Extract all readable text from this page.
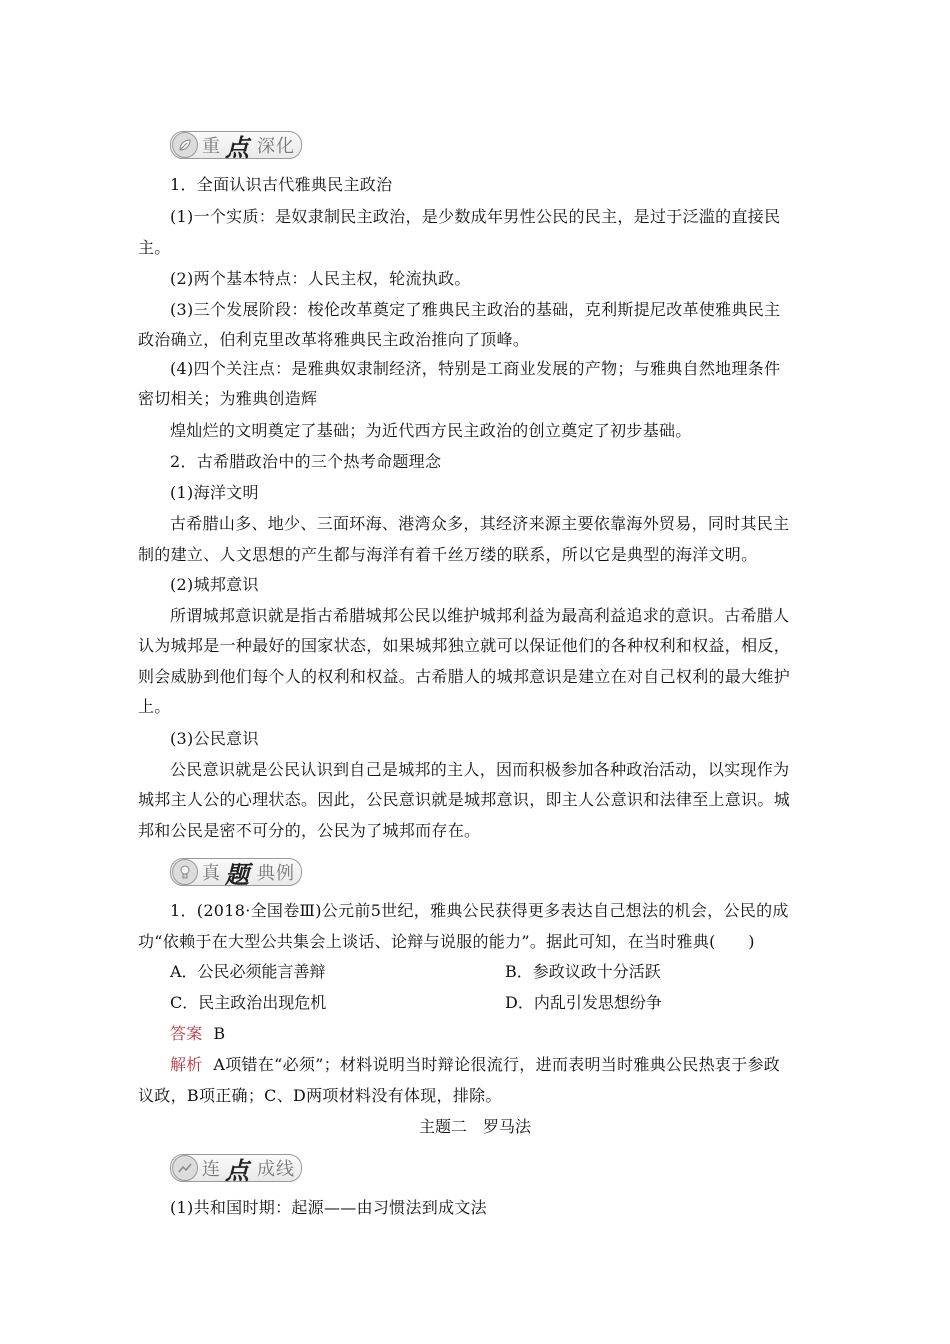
重 点 深化
1．全面认识古代雅典民主政治
(1)一个实质：是奴隶制民主政治，是少数成年男性公民的民主，是过于泛滥的直接民
主。
(2)两个基本特点：人民主权，轮流执政。
(3)三个发展阶段：梭伦改革奠定了雅典民主政治的基础，克利斯提尼改革使雅典民主
政治确立，伯利克里改革将雅典民主政治推向了顶峰。
(4)四个关注点：是雅典奴隶制经济，特别是工商业发展的产物；与雅典自然地理条件
密切相关；为雅典创造辉
煌灿烂的文明奠定了基础；为近代西方民主政治的创立奠定了初步基础。
2．古希腊政治中的三个热考命题理念
(1)海洋文明
古希腊山多、地少、三面环海、港湾众多，其经济来源主要依靠海外贸易，同时其民主
制的建立、人文思想的产生都与海洋有着千丝万缕的联系，所以它是典型的海洋文明。
(2)城邦意识
所谓城邦意识就是指古希腊城邦公民以维护城邦利益为最高利益追求的意识。古希腊人
认为城邦是一种最好的国家状态，如果城邦独立就可以保证他们的各种权利和权益，相反，
则会威胁到他们每个人的权利和权益。古希腊人的城邦意识是建立在对自己权利的最大维护
上。
(3)公民意识
公民意识就是公民认识到自己是城邦的主人，因而积极参加各种政治活动，以实现作为
城邦主人公的心理状态。因此，公民意识就是城邦意识，即主人公意识和法律至上意识。城
邦和公民是密不可分的，公民为了城邦而存在。
真 题 典例
1．(2018·全国卷Ⅲ)公元前5世纪，雅典公民获得更多表达自己想法的机会，公民的成
功“依赖于在大型公共集会上谈话、论辩与说服的能力”。据此可知，在当时雅典(　　)
A．公民必须能言善辩	B．参政议政十分活跃
C．民主政治出现危机	D．内乱引发思想纷争
答案 B
解析 A项错在“必须”；材料说明当时辩论很流行，进而表明当时雅典公民热衷于参政
议政，B项正确；C、D两项材料没有体现，排除。
主题二　罗马法
连 点 成线
(1)共和国时期：起源——由习惯法到成文法
